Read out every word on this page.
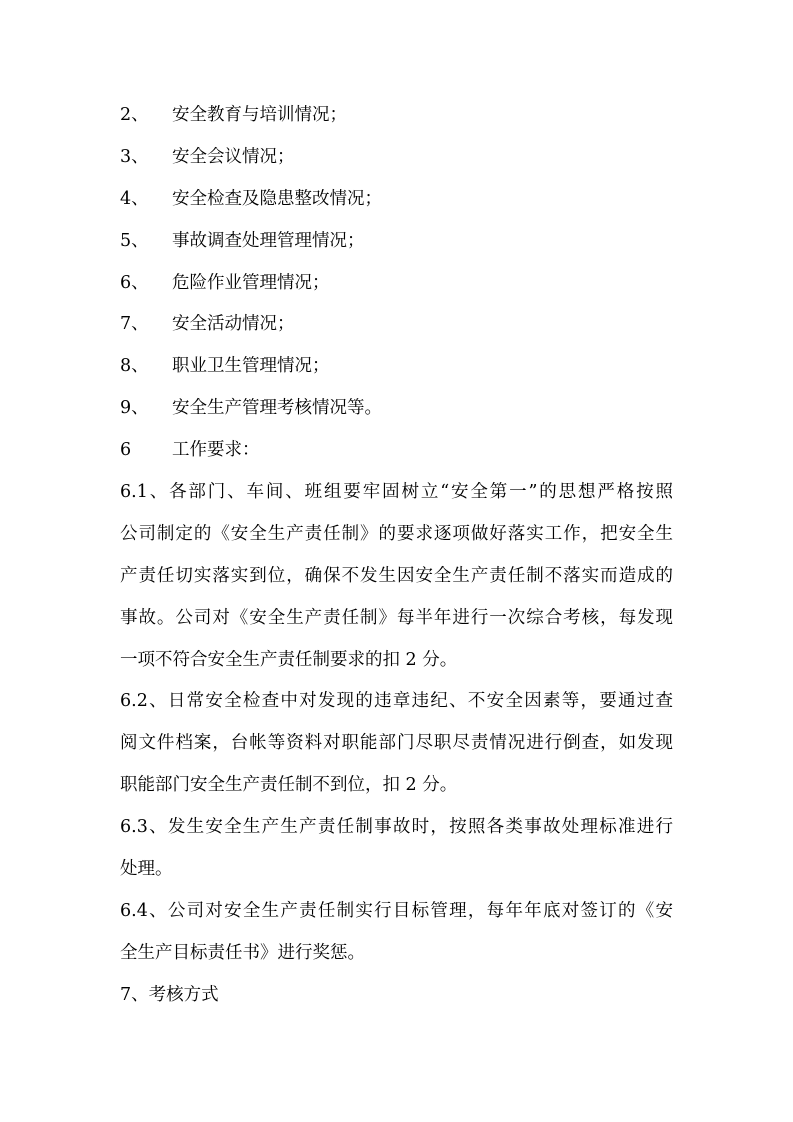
2、 安全教育与培训情况；
3、 安全会议情况；
4、 安全检查及隐患整改情况；
5、 事故调查处理管理情况；
6、 危险作业管理情况；
7、 安全活动情况；
8、 职业卫生管理情况；
9、 安全生产管理考核情况等。
6 工作要求：
6.1、各部门、车间、班组要牢固树立“安全第一”的思想严格按照
公司制定的《安全生产责任制》的要求逐项做好落实工作，把安全生
产责任切实落实到位，确保不发生因安全生产责任制不落实而造成的
事故。公司对《安全生产责任制》每半年进行一次综合考核，每发现
一项不符合安全生产责任制要求的扣 2 分。
6.2、日常安全检查中对发现的违章违纪、不安全因素等，要通过查
阅文件档案，台帐等资料对职能部门尽职尽责情况进行倒查，如发现
职能部门安全生产责任制不到位，扣 2 分。
6.3、发生安全生产生产责任制事故时，按照各类事故处理标准进行
处理。
6.4、公司对安全生产责任制实行目标管理，每年年底对签订的《安
全生产目标责任书》进行奖惩。
7、考核方式
